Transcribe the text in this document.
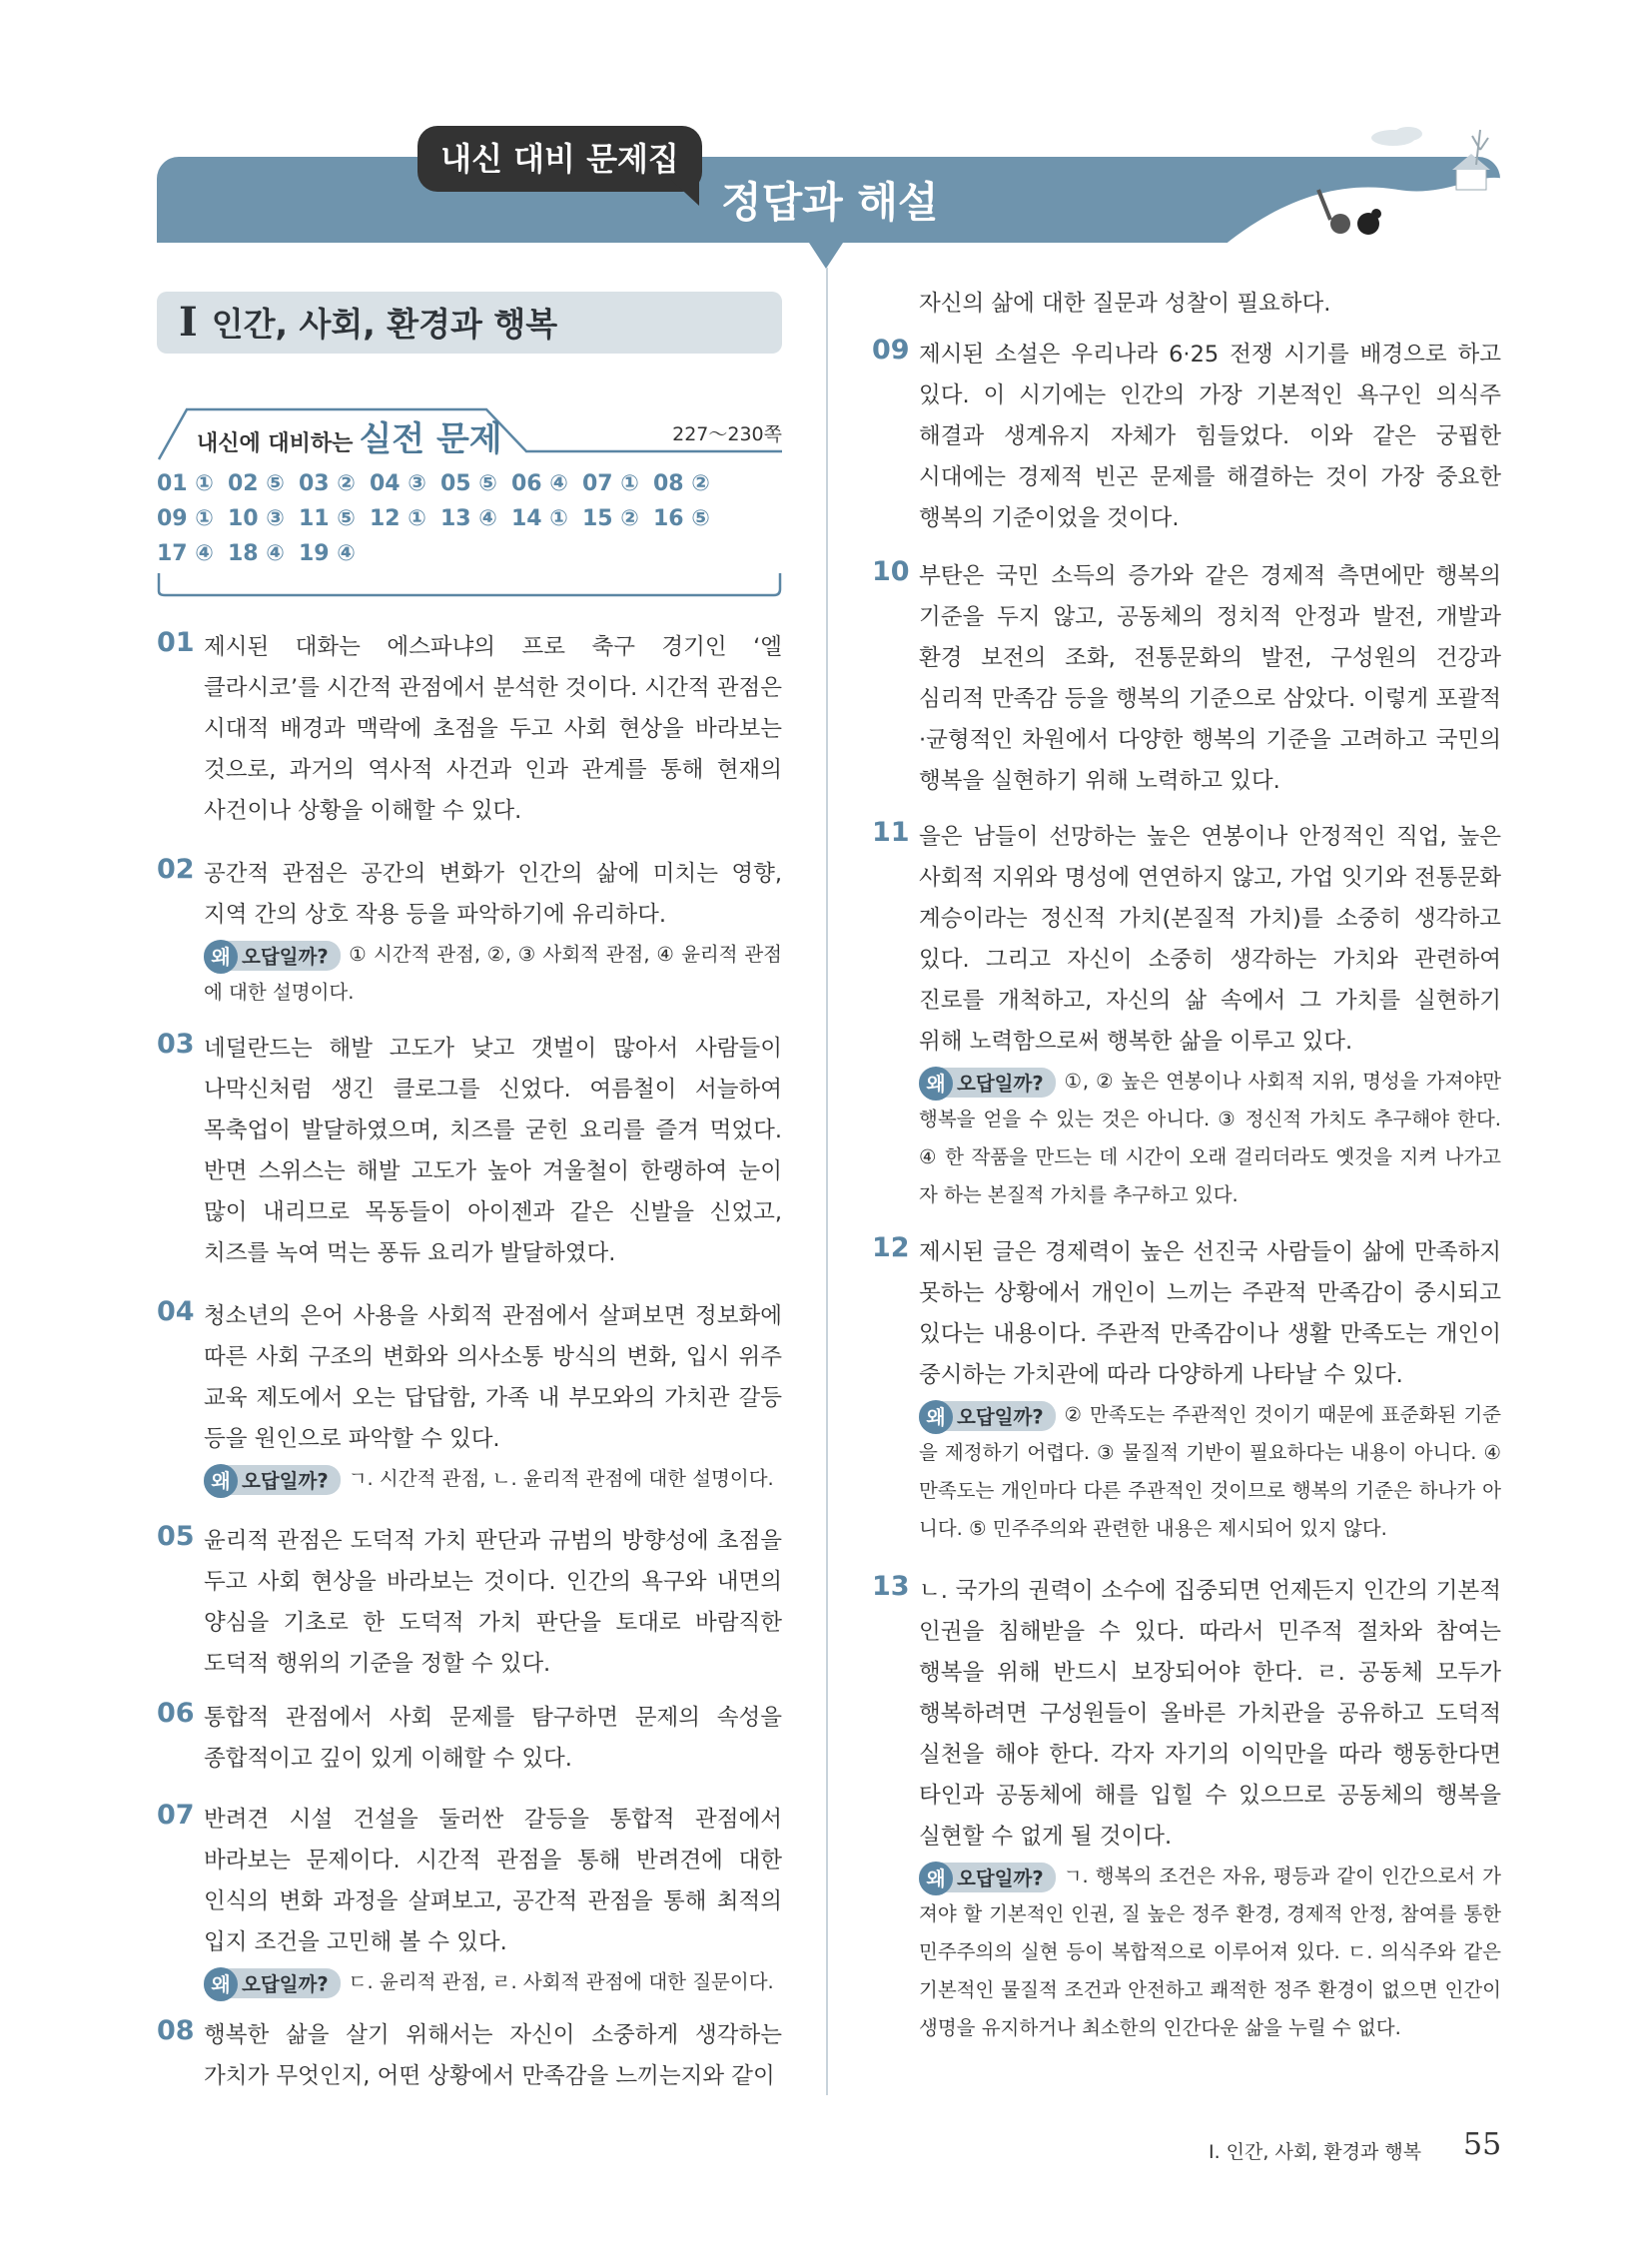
내신 대비 문제집
정답과 해설
I 인간, 사회, 환경과 행복
내신에 대비하는 실전 문제	227～230쪽
01 ① 02 ⑤ 03 ② 04 ③ 05 ⑤ 06 ④ 07 ① 08 ②
09 ① 10 ③ 11 ⑤ 12 ① 13 ④ 14 ① 15 ② 16 ⑤
17 ④ 18 ④ 19 ④
01 제시된 대화는 에스파냐의 프로 축구 경기인 ‘엘 클라시코’를 시간적 관점에서 분석한 것이다. 시간적 관점은 시대적 배경과 맥락에 초점을 두고 사회 현상을 바라보는 것으로, 과거의 역사적 사건과 인과 관계를 통해 현재의 사건이나 상황을 이해할 수 있다.
02 공간적 관점은 공간의 변화가 인간의 삶에 미치는 영향, 지역 간의 상호 작용 등을 파악하기에 유리하다.
왜 오답일까? ① 시간적 관점, ②, ③ 사회적 관점, ④ 윤리적 관점에 대한 설명이다.
03 네덜란드는 해발 고도가 낮고 갯벌이 많아서 사람들이 나막신처럼 생긴 클로그를 신었다. 여름철이 서늘하여 목축업이 발달하였으며, 치즈를 굳힌 요리를 즐겨 먹었다. 반면 스위스는 해발 고도가 높아 겨울철이 한랭하여 눈이 많이 내리므로 목동들이 아이젠과 같은 신발을 신었고, 치즈를 녹여 먹는 퐁듀 요리가 발달하였다.
04 청소년의 은어 사용을 사회적 관점에서 살펴보면 정보화에 따른 사회 구조의 변화와 의사소통 방식의 변화, 입시 위주 교육 제도에서 오는 답답함, 가족 내 부모와의 가치관 갈등 등을 원인으로 파악할 수 있다.
왜 오답일까? ㄱ. 시간적 관점, ㄴ. 윤리적 관점에 대한 설명이다.
05 윤리적 관점은 도덕적 가치 판단과 규범의 방향성에 초점을 두고 사회 현상을 바라보는 것이다. 인간의 욕구와 내면의 양심을 기초로 한 도덕적 가치 판단을 토대로 바람직한 도덕적 행위의 기준을 정할 수 있다.
06 통합적 관점에서 사회 문제를 탐구하면 문제의 속성을 종합적이고 깊이 있게 이해할 수 있다.
07 반려견 시설 건설을 둘러싼 갈등을 통합적 관점에서 바라보는 문제이다. 시간적 관점을 통해 반려견에 대한 인식의 변화 과정을 살펴보고, 공간적 관점을 통해 최적의 입지 조건을 고민해 볼 수 있다.
왜 오답일까? ㄷ. 윤리적 관점, ㄹ. 사회적 관점에 대한 질문이다.
08 행복한 삶을 살기 위해서는 자신이 소중하게 생각하는 가치가 무엇인지, 어떤 상황에서 만족감을 느끼는지와 같이
자신의 삶에 대한 질문과 성찰이 필요하다.
09 제시된 소설은 우리나라 6·25 전쟁 시기를 배경으로 하고 있다. 이 시기에는 인간의 가장 기본적인 욕구인 의식주 해결과 생계유지 자체가 힘들었다. 이와 같은 궁핍한 시대에는 경제적 빈곤 문제를 해결하는 것이 가장 중요한 행복의 기준이었을 것이다.
10 부탄은 국민 소득의 증가와 같은 경제적 측면에만 행복의 기준을 두지 않고, 공동체의 정치적 안정과 발전, 개발과 환경 보전의 조화, 전통문화의 발전, 구성원의 건강과 심리적 만족감 등을 행복의 기준으로 삼았다. 이렇게 포괄적·균형적인 차원에서 다양한 행복의 기준을 고려하고 국민의 행복을 실현하기 위해 노력하고 있다.
11 을은 남들이 선망하는 높은 연봉이나 안정적인 직업, 높은 사회적 지위와 명성에 연연하지 않고, 가업 잇기와 전통문화 계승이라는 정신적 가치(본질적 가치)를 소중히 생각하고 있다. 그리고 자신이 소중히 생각하는 가치와 관련하여 진로를 개척하고, 자신의 삶 속에서 그 가치를 실현하기 위해 노력함으로써 행복한 삶을 이루고 있다.
왜 오답일까? ①, ② 높은 연봉이나 사회적 지위, 명성을 가져야만 행복을 얻을 수 있는 것은 아니다. ③ 정신적 가치도 추구해야 한다. ④ 한 작품을 만드는 데 시간이 오래 걸리더라도 옛것을 지켜 나가고자 하는 본질적 가치를 추구하고 있다.
12 제시된 글은 경제력이 높은 선진국 사람들이 삶에 만족하지 못하는 상황에서 개인이 느끼는 주관적 만족감이 중시되고 있다는 내용이다. 주관적 만족감이나 생활 만족도는 개인이 중시하는 가치관에 따라 다양하게 나타날 수 있다.
왜 오답일까? ② 만족도는 주관적인 것이기 때문에 표준화된 기준을 제정하기 어렵다. ③ 물질적 기반이 필요하다는 내용이 아니다. ④ 만족도는 개인마다 다른 주관적인 것이므로 행복의 기준은 하나가 아니다. ⑤ 민주주의와 관련한 내용은 제시되어 있지 않다.
13 ㄴ. 국가의 권력이 소수에 집중되면 언제든지 인간의 기본적 인권을 침해받을 수 있다. 따라서 민주적 절차와 참여는 행복을 위해 반드시 보장되어야 한다. ㄹ. 공동체 모두가 행복하려면 구성원들이 올바른 가치관을 공유하고 도덕적 실천을 해야 한다. 각자 자기의 이익만을 따라 행동한다면 타인과 공동체에 해를 입힐 수 있으므로 공동체의 행복을 실현할 수 없게 될 것이다.
왜 오답일까? ㄱ. 행복의 조건은 자유, 평등과 같이 인간으로서 가져야 할 기본적인 인권, 질 높은 정주 환경, 경제적 안정, 참여를 통한 민주주의의 실현 등이 복합적으로 이루어져 있다. ㄷ. 의식주와 같은 기본적인 물질적 조건과 안전하고 쾌적한 정주 환경이 없으면 인간이 생명을 유지하거나 최소한의 인간다운 삶을 누릴 수 없다.
I. 인간, 사회, 환경과 행복 55
